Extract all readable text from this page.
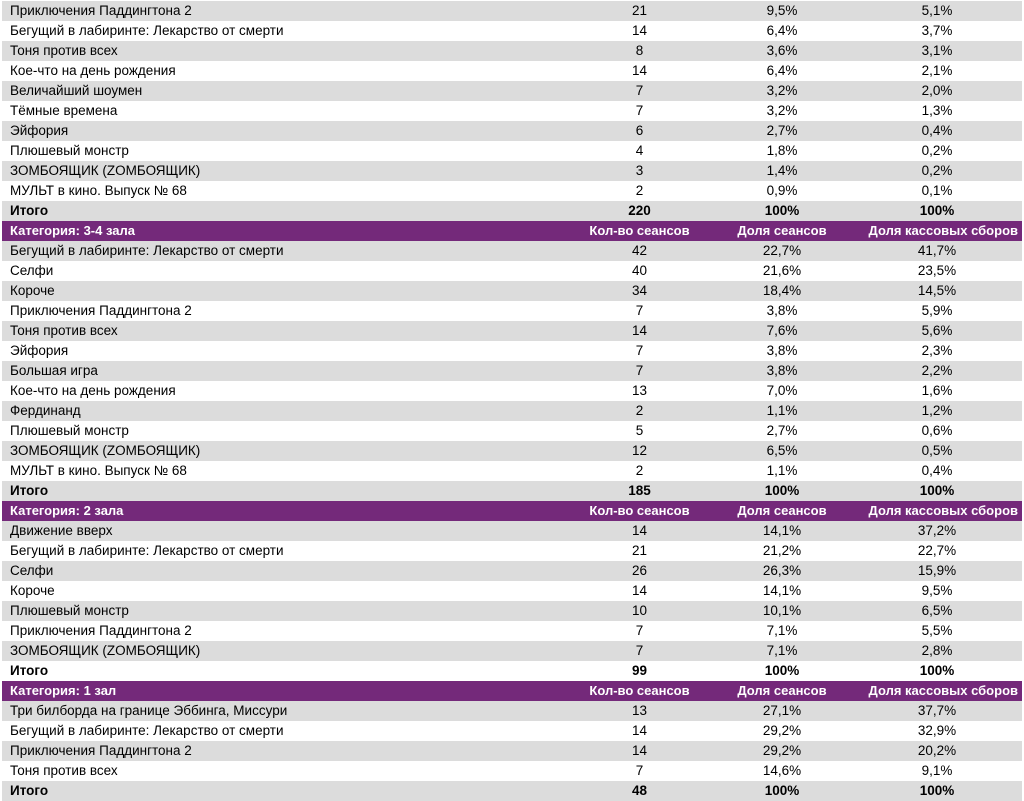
Приключения Паддингтона 2	21	9,5%	5,1%
Бегущий в лабиринте: Лекарство от смерти	14	6,4%	3,7%
Тоня против всех	8	3,6%	3,1%
Кое-что на день рождения	14	6,4%	2,1%
Величайший шоумен	7	3,2%	2,0%
Тёмные времена	7	3,2%	1,3%
Эйфория	6	2,7%	0,4%
Плюшевый монстр	4	1,8%	0,2%
ЗОМБОЯЩИК (ZОМБОЯЩИК)	3	1,4%	0,2%
МУЛЬТ в кино. Выпуск № 68	2	0,9%	0,1%
Итого	220	100%	100%
Категория: 3-4 зала	Кол-во сеансов	Доля сеансов	Доля кассовых сборов
Бегущий в лабиринте: Лекарство от смерти	42	22,7%	41,7%
Селфи	40	21,6%	23,5%
Короче	34	18,4%	14,5%
Приключения Паддингтона 2	7	3,8%	5,9%
Тоня против всех	14	7,6%	5,6%
Эйфория	7	3,8%	2,3%
Большая игра	7	3,8%	2,2%
Кое-что на день рождения	13	7,0%	1,6%
Фердинанд	2	1,1%	1,2%
Плюшевый монстр	5	2,7%	0,6%
ЗОМБОЯЩИК (ZОМБОЯЩИК)	12	6,5%	0,5%
МУЛЬТ в кино. Выпуск № 68	2	1,1%	0,4%
Итого	185	100%	100%
Категория: 2 зала	Кол-во сеансов	Доля сеансов	Доля кассовых сборов
Движение вверх	14	14,1%	37,2%
Бегущий в лабиринте: Лекарство от смерти	21	21,2%	22,7%
Селфи	26	26,3%	15,9%
Короче	14	14,1%	9,5%
Плюшевый монстр	10	10,1%	6,5%
Приключения Паддингтона 2	7	7,1%	5,5%
ЗОМБОЯЩИК (ZОМБОЯЩИК)	7	7,1%	2,8%
Итого	99	100%	100%
Категория: 1 зал	Кол-во сеансов	Доля сеансов	Доля кассовых сборов
Три билборда на границе Эббинга, Миссури	13	27,1%	37,7%
Бегущий в лабиринте: Лекарство от смерти	14	29,2%	32,9%
Приключения Паддингтона 2	14	29,2%	20,2%
Тоня против всех	7	14,6%	9,1%
Итого	48	100%	100%
